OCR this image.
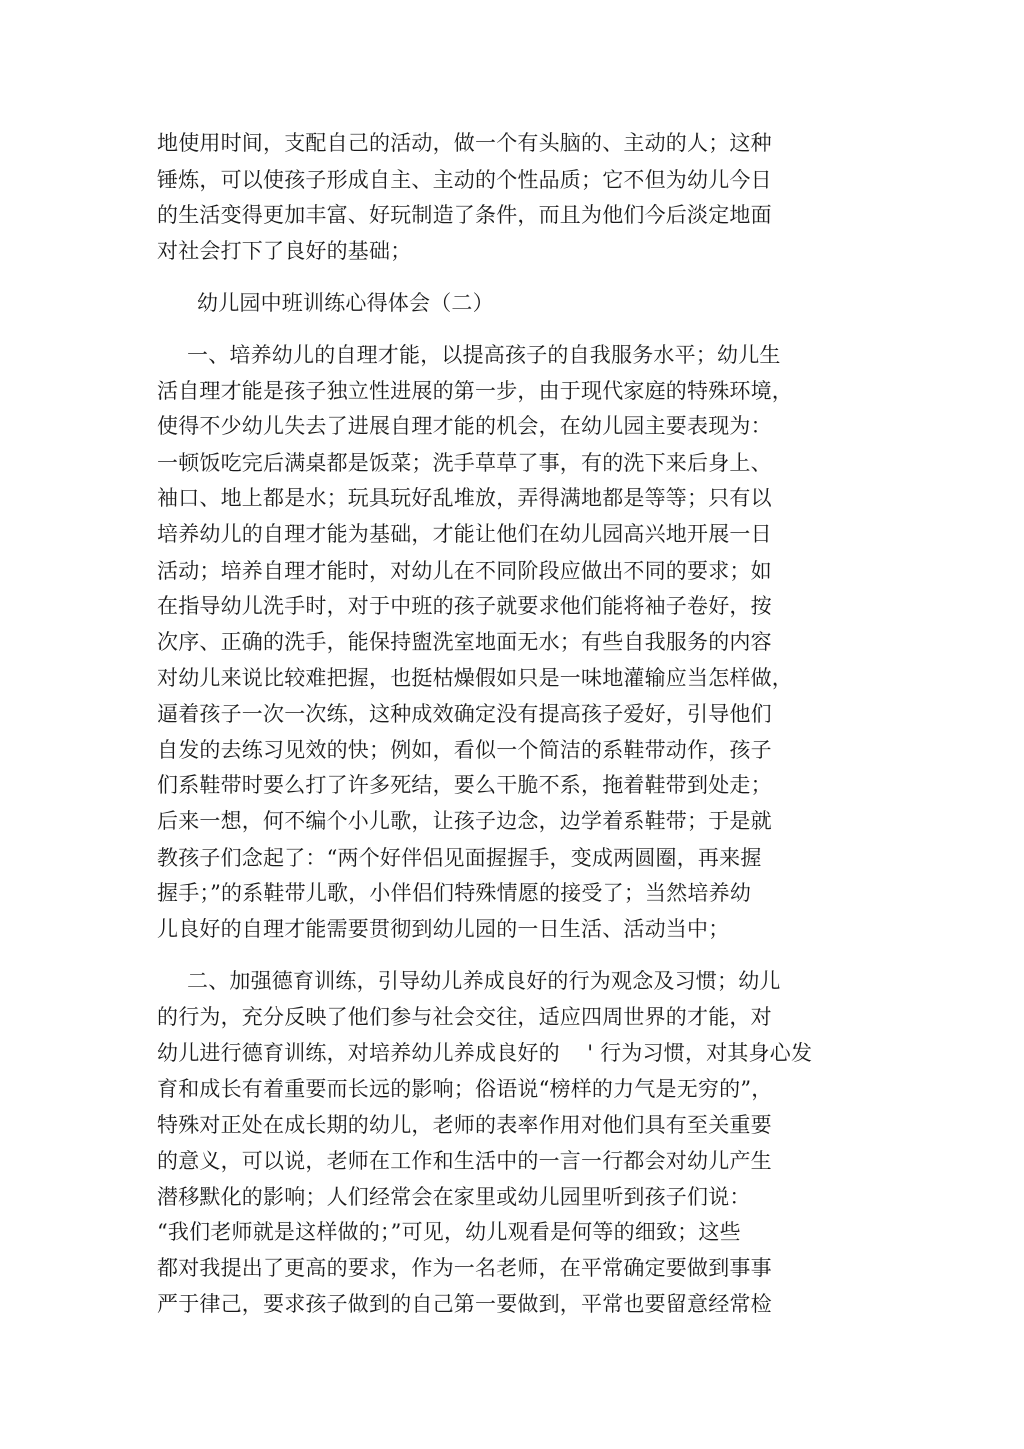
地使用时间，支配自己的活动，做一个有头脑的、主动的人；这种
锤炼，可以使孩子形成自主、主动的个性品质；它不但为幼儿今日
的生活变得更加丰富、好玩制造了条件，而且为他们今后淡定地面
对社会打下了良好的基础；
幼儿园中班训练心得体会（二）
一、培养幼儿的自理才能，以提高孩子的自我服务水平；幼儿生
活自理才能是孩子独立性进展的第一步，由于现代家庭的特殊环境，
使得不少幼儿失去了进展自理才能的机会，在幼儿园主要表现为：
一顿饭吃完后满桌都是饭菜；洗手草草了事，有的洗下来后身上、
袖口、地上都是水；玩具玩好乱堆放，弄得满地都是等等；只有以
培养幼儿的自理才能为基础，才能让他们在幼儿园高兴地开展一日
活动；培养自理才能时，对幼儿在不同阶段应做出不同的要求；如
在指导幼儿洗手时，对于中班的孩子就要求他们能将袖子卷好，按
次序、正确的洗手，能保持盥洗室地面无水；有些自我服务的内容
对幼儿来说比较难把握，也挺枯燥假如只是一味地灌输应当怎样做，
逼着孩子一次一次练，这种成效确定没有提高孩子爱好，引导他们
自发的去练习见效的快；例如，看似一个简洁的系鞋带动作，孩子
们系鞋带时要么打了许多死结，要么干脆不系，拖着鞋带到处走；
后来一想，何不编个小儿歌，让孩子边念，边学着系鞋带；于是就
教孩子们念起了：“两个好伴侣见面握握手，变成两圆圈，再来握
握手；”的系鞋带儿歌，小伴侣们特殊情愿的接受了；当然培养幼
儿良好的自理才能需要贯彻到幼儿园的一日生活、活动当中；
二、加强德育训练，引导幼儿养成良好的行为观念及习惯；幼儿
的行为，充分反映了他们参与社会交往，适应四周世界的才能，对
幼儿进行德育训练，对培养幼儿养成良好的    ' 行为习惯，对其身心发
育和成长有着重要而长远的影响；俗语说“榜样的力气是无穷的”，
特殊对正处在成长期的幼儿，老师的表率作用对他们具有至关重要
的意义，可以说，老师在工作和生活中的一言一行都会对幼儿产生
潜移默化的影响；人们经常会在家里或幼儿园里听到孩子们说：
“我们老师就是这样做的；”可见，幼儿观看是何等的细致；这些
都对我提出了更高的要求，作为一名老师，在平常确定要做到事事
严于律己，要求孩子做到的自己第一要做到，平常也要留意经常检
